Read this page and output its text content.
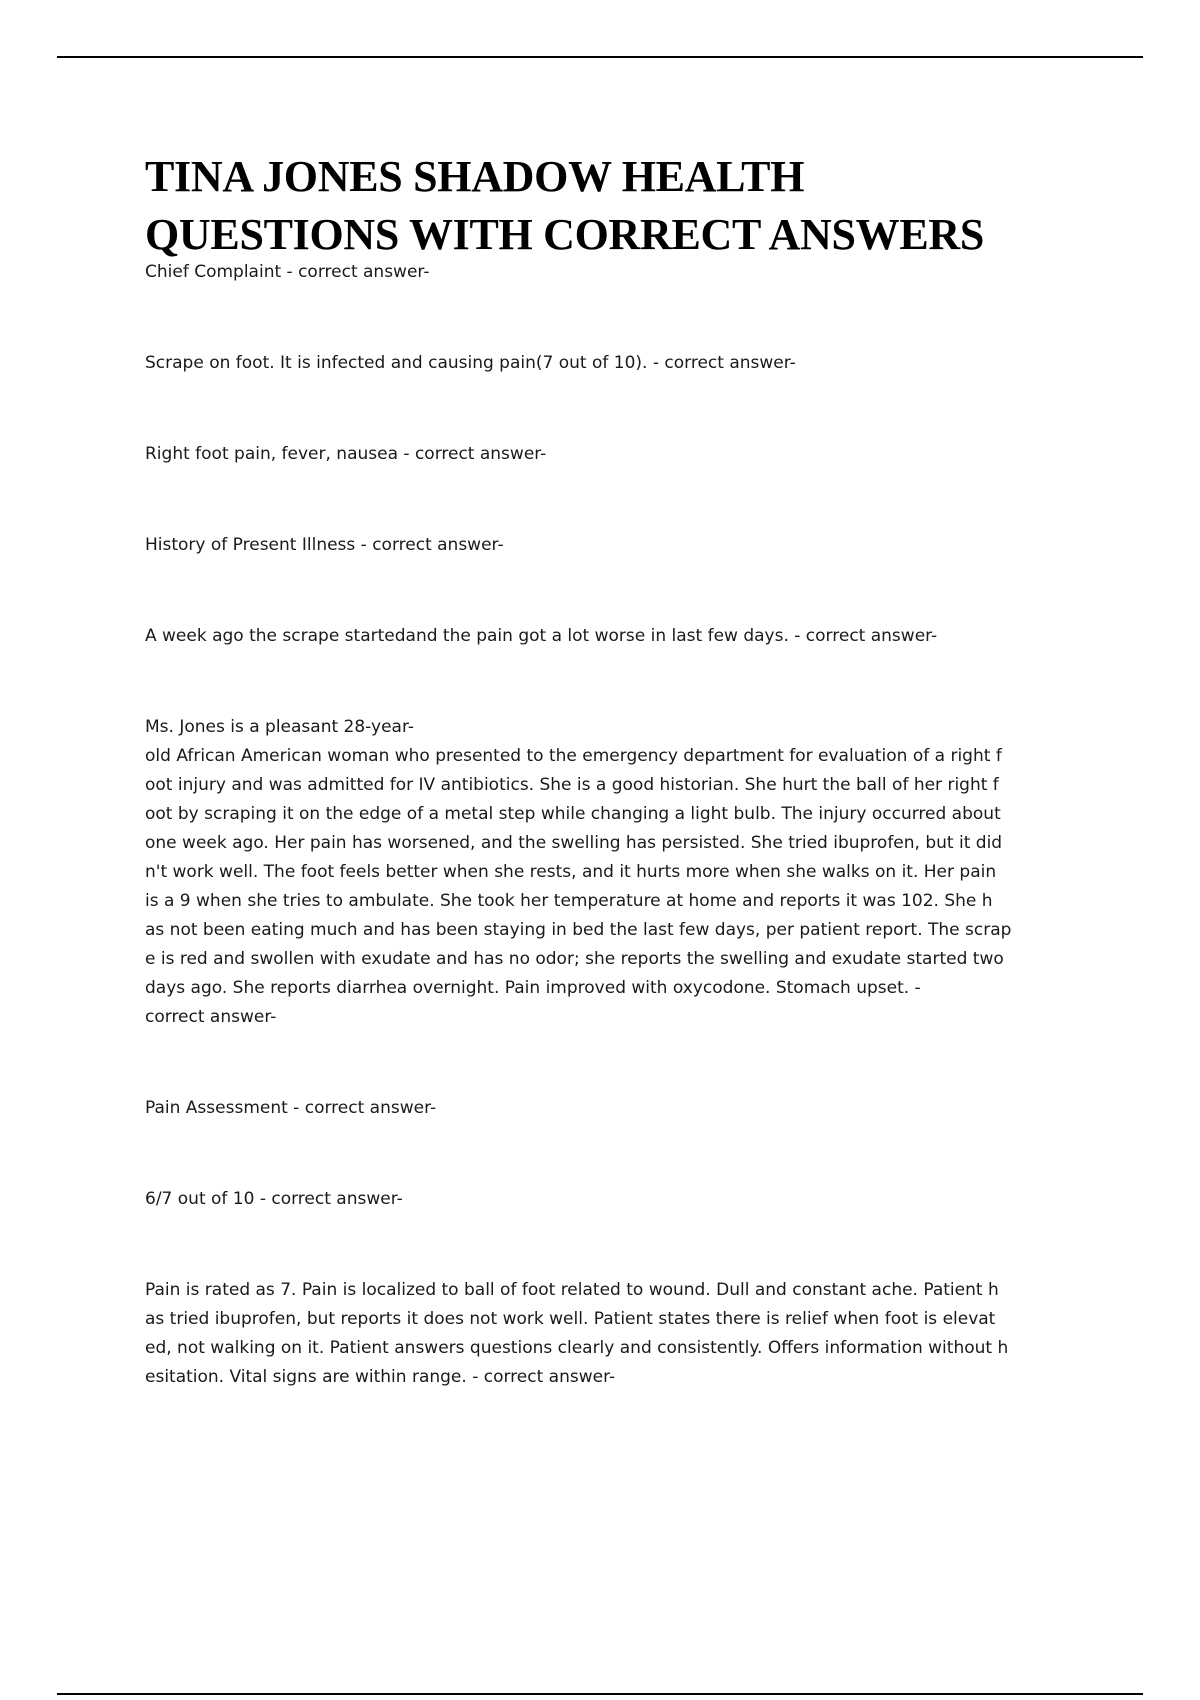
TINA JONES SHADOW HEALTH
QUESTIONS WITH CORRECT ANSWERS

Chief Complaint - correct answer-

Scrape on foot. It is infected and causing pain(7 out of 10). - correct answer-

Right foot pain, fever, nausea - correct answer-

History of Present Illness - correct answer-

A week ago the scrape startedand the pain got a lot worse in last few days. - correct answer-

Ms. Jones is a pleasant 28-year-
old African American woman who presented to the emergency department for evaluation of a right f
oot injury and was admitted for IV antibiotics. She is a good historian. She hurt the ball of her right f
oot by scraping it on the edge of a metal step while changing a light bulb. The injury occurred about
one week ago. Her pain has worsened, and the swelling has persisted. She tried ibuprofen, but it did
n't work well. The foot feels better when she rests, and it hurts more when she walks on it. Her pain
is a 9 when she tries to ambulate. She took her temperature at home and reports it was 102. She h
as not been eating much and has been staying in bed the last few days, per patient report. The scrap
e is red and swollen with exudate and has no odor; she reports the swelling and exudate started two
days ago. She reports diarrhea overnight. Pain improved with oxycodone. Stomach upset. -
correct answer-

Pain Assessment - correct answer-

6/7 out of 10 - correct answer-

Pain is rated as 7. Pain is localized to ball of foot related to wound. Dull and constant ache. Patient h
as tried ibuprofen, but reports it does not work well. Patient states there is relief when foot is elevat
ed, not walking on it. Patient answers questions clearly and consistently. Offers information without h
esitation. Vital signs are within range. - correct answer-
